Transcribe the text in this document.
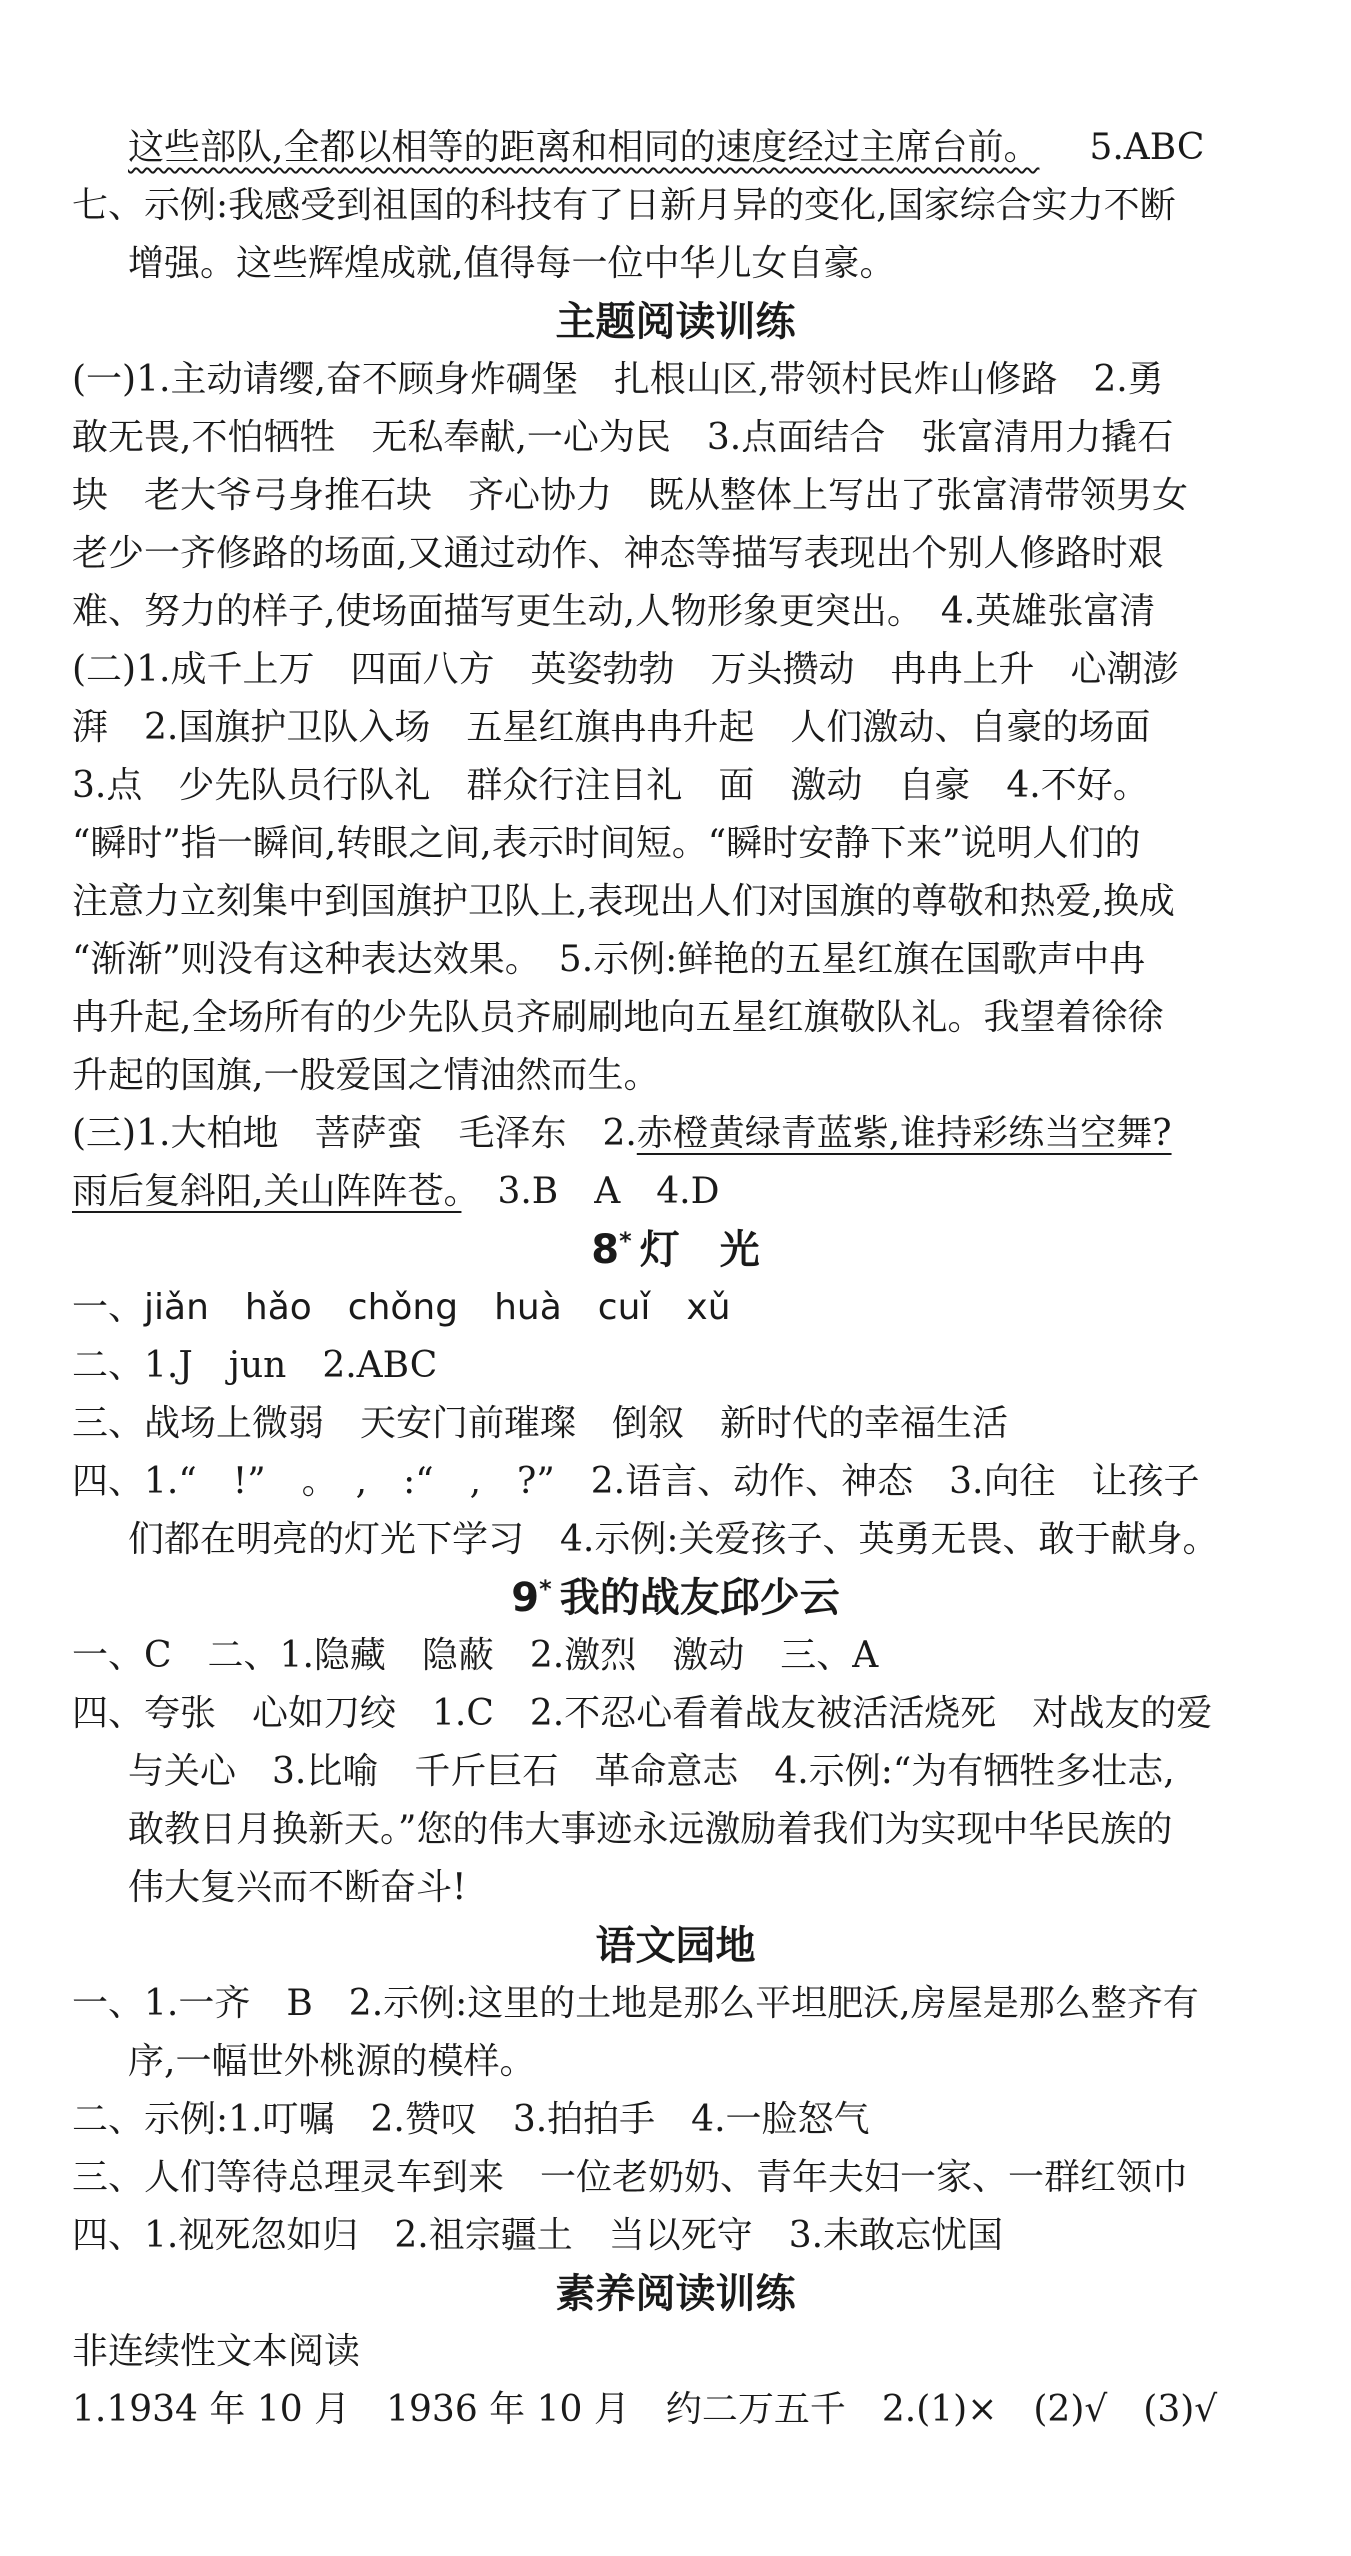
这些部队,全都以相等的距离和相同的速度经过主席台前。 5.ABC
七、示例:我感受到祖国的科技有了日新月异的变化,国家综合实力不断
增强。这些辉煌成就,值得每一位中华儿女自豪。
主题阅读训练
(一)1.主动请缨,奋不顾身炸碉堡　扎根山区,带领村民炸山修路　2.勇
敢无畏,不怕牺牲　无私奉献,一心为民　3.点面结合　张富清用力撬石
块　老大爷弓身推石块　齐心协力　既从整体上写出了张富清带领男女
老少一齐修路的场面,又通过动作、神态等描写表现出个别人修路时艰
难、努力的样子,使场面描写更生动,人物形象更突出。　4.英雄张富清
(二)1.成千上万　四面八方　英姿勃勃　万头攒动　冉冉上升　心潮澎
湃　2.国旗护卫队入场　五星红旗冉冉升起　人们激动、自豪的场面
3.点　少先队员行队礼　群众行注目礼　面　激动　自豪　4.不好。
“瞬时”指一瞬间,转眼之间,表示时间短。“瞬时安静下来”说明人们的
注意力立刻集中到国旗护卫队上,表现出人们对国旗的尊敬和热爱,换成
“渐渐”则没有这种表达效果。　5.示例:鲜艳的五星红旗在国歌声中冉
冉升起,全场所有的少先队员齐刷刷地向五星红旗敬队礼。我望着徐徐
升起的国旗,一股爱国之情油然而生。
(三)1.大柏地　菩萨蛮　毛泽东　2.赤橙黄绿青蓝紫,谁持彩练当空舞?
雨后复斜阳,关山阵阵苍。　3.B　A　4.D
8* 灯　光
一、jiǎn　hǎo　chǒng　huà　cuǐ　xǔ
二、1.J　jun　2.ABC
三、战场上微弱　天安门前璀璨　倒叙　新时代的幸福生活
四、1.“　!”　。　,　:“　,　?”　2.语言、动作、神态　3.向往　让孩子
们都在明亮的灯光下学习　4.示例:关爱孩子、英勇无畏、敢于献身。
9* 我的战友邱少云
一、C　二、1.隐藏　隐蔽　2.激烈　激动　三、A
四、夸张　心如刀绞　1.C　2.不忍心看着战友被活活烧死　对战友的爱
与关心　3.比喻　千斤巨石　革命意志　4.示例:“为有牺牲多壮志,
敢教日月换新天。”您的伟大事迹永远激励着我们为实现中华民族的
伟大复兴而不断奋斗!
语文园地
一、1.一齐　B　2.示例:这里的土地是那么平坦肥沃,房屋是那么整齐有
序,一幅世外桃源的模样。
二、示例:1.叮嘱　2.赞叹　3.拍拍手　4.一脸怒气
三、人们等待总理灵车到来　一位老奶奶、青年夫妇一家、一群红领巾
四、1.视死忽如归　2.祖宗疆土　当以死守　3.未敢忘忧国
素养阅读训练
非连续性文本阅读
1.1934 年 10 月　1936 年 10 月　约二万五千　2.(1)×　(2)√　(3)√
